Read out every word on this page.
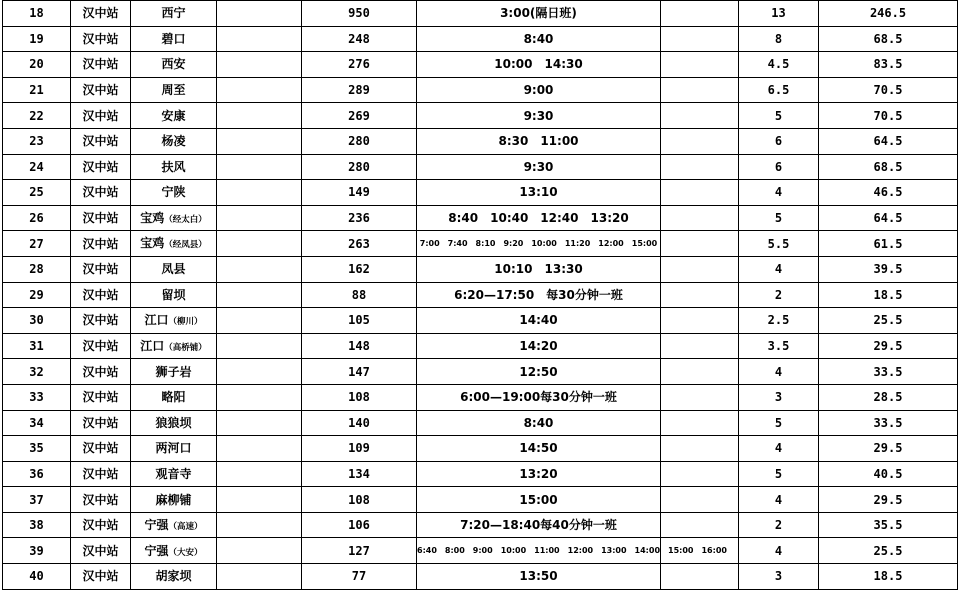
18	汉中站	西宁		950	3:00(隔日班)		13	246.5
19	汉中站	碧口		248	8:40		8	68.5
20	汉中站	西安		276	10:00　14:30		4.5	83.5
21	汉中站	周至		289	9:00		6.5	70.5
22	汉中站	安康		269	9:30		5	70.5
23	汉中站	杨凌		280	8:30　11:00		6	64.5
24	汉中站	扶风		280	9:30		6	68.5
25	汉中站	宁陕		149	13:10		4	46.5
26	汉中站	宝鸡（经太白）		236	8:40　10:40　12:40　13:20		5	64.5
27	汉中站	宝鸡（经凤县）		263	7:00　7:40　8:10　9:20　10:00　11:20　12:00　15:00		5.5	61.5
28	汉中站	凤县		162	10:10　13:30		4	39.5
29	汉中站	留坝		88	6:20—17:50　每30分钟一班		2	18.5
30	汉中站	江口（柳川）		105	14:40		2.5	25.5
31	汉中站	江口（高桥铺）		148	14:20		3.5	29.5
32	汉中站	狮子岩		147	12:50		4	33.5
33	汉中站	略阳		108	6:00—19:00每30分钟一班		3	28.5
34	汉中站	狼狼坝		140	8:40		5	33.5
35	汉中站	两河口		109	14:50		4	29.5
36	汉中站	观音寺		134	13:20		5	40.5
37	汉中站	麻柳铺		108	15:00		4	29.5
38	汉中站	宁强（高速）		106	7:20—18:40每40分钟一班		2	35.5
39	汉中站	宁强（大安）		127	6:40　8:00　9:00　10:00　11:00　12:00　13:00　14:00　15:00　16:00		4	25.5
40	汉中站	胡家坝		77	13:50		3	18.5
